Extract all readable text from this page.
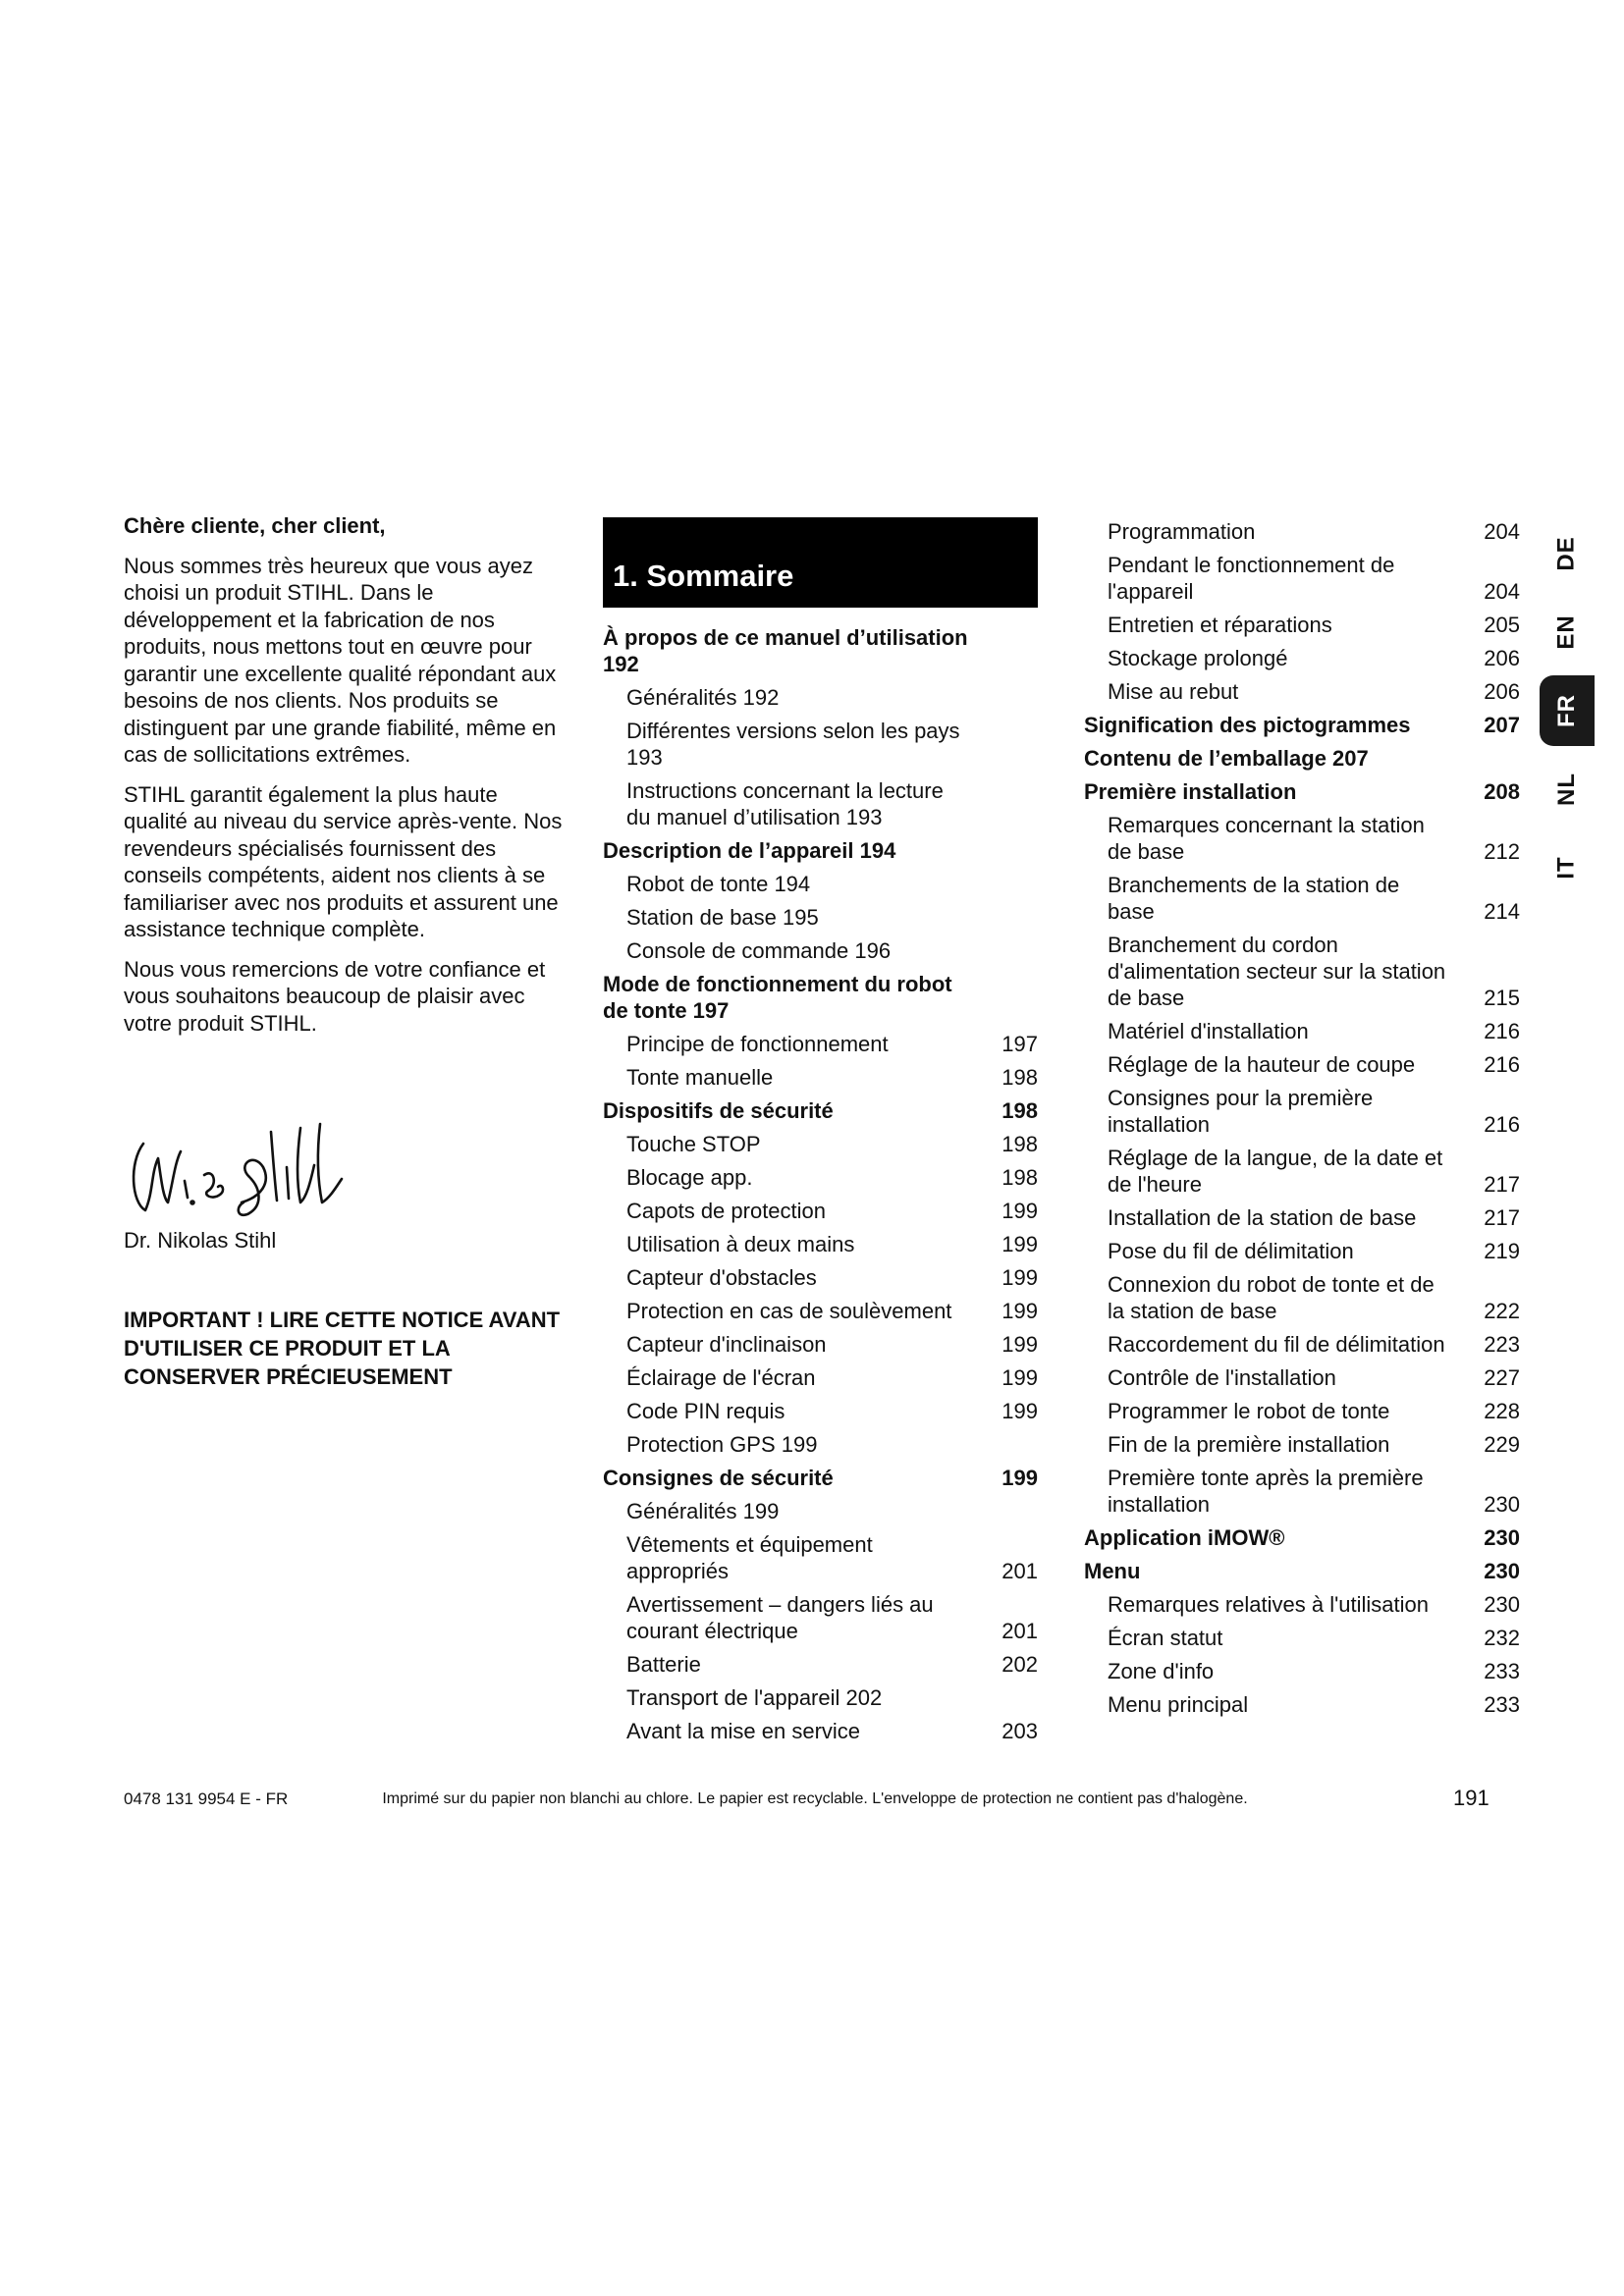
Chère cliente, cher client,

Nous sommes très heureux que vous ayez choisi un produit STIHL. Dans le développement et la fabrication de nos produits, nous mettons tout en œuvre pour garantir une excellente qualité répondant aux besoins de nos clients. Nos produits se distinguent par une grande fiabilité, même en cas de sollicitations extrêmes.

STIHL garantit également la plus haute qualité au niveau du service après-vente. Nos revendeurs spécialisés fournissent des conseils compétents, aident nos clients à se familiariser avec nos produits et assurent une assistance technique complète.

Nous vous remercions de votre confiance et vous souhaitons beaucoup de plaisir avec votre produit STIHL.

Dr. Nikolas Stihl
IMPORTANT ! LIRE CETTE NOTICE AVANT D'UTILISER CE PRODUIT ET LA CONSERVER PRÉCIEUSEMENT
1. Sommaire
À propos de ce manuel d’utilisation 192
Généralités 192
Différentes versions selon les pays 193
Instructions concernant la lecture du manuel d’utilisation 193
Description de l’appareil 194
Robot de tonte 194
Station de base 195
Console de commande 196
Mode de fonctionnement du robot de tonte 197
Principe de fonctionnement	197
Tonte manuelle	198
Dispositifs de sécurité	198
Touche STOP	198
Blocage app.	198
Capots de protection	199
Utilisation à deux mains	199
Capteur d'obstacles	199
Protection en cas de soulèvement 199
Capteur d'inclinaison	199
Éclairage de l'écran	199
Code PIN requis	199
Protection GPS 199
Consignes de sécurité	199
Généralités 199
Vêtements et équipement appropriés	201
Avertissement – dangers liés au courant électrique	201
Batterie	202
Transport de l'appareil 202
Avant la mise en service	203
Programmation	204
Pendant le fonctionnement de l'appareil	204
Entretien et réparations	205
Stockage prolongé	206
Mise au rebut	206
Signification des pictogrammes	207
Contenu de l’emballage 207
Première installation	208
Remarques concernant la station de base	212
Branchements de la station de base	214
Branchement du cordon d'alimentation secteur sur la station de base	215
Matériel d'installation	216
Réglage de la hauteur de coupe	216
Consignes pour la première installation	216
Réglage de la langue, de la date et de l'heure	217
Installation de la station de base	217
Pose du fil de délimitation	219
Connexion du robot de tonte et de la station de base	222
Raccordement du fil de délimitation 223
Contrôle de l'installation	227
Programmer le robot de tonte	228
Fin de la première installation	229
Première tonte après la première installation	230
Application iMOW®	230
Menu	230
Remarques relatives à l'utilisation	230
Écran statut	232
Zone d'info	233
Menu principal	233
DE
EN
FR
NL
IT
0478 131 9954 E - FR	Imprimé sur du papier non blanchi au chlore. Le papier est recyclable. L'enveloppe de protection ne contient pas d'halogène.	191
